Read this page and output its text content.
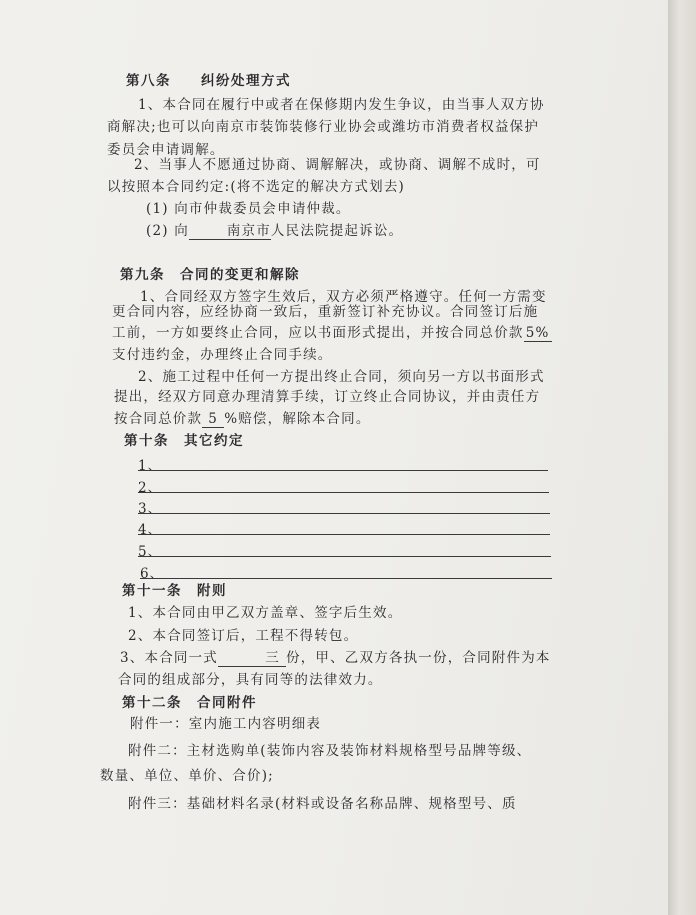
第八条　　纠纷处理方式
1、本合同在履行中或者在保修期内发生争议，由当事人双方协
商解决;也可以向南京市装饰装修行业协会或潍坊市消费者权益保护
委员会申请调解。
2、当事人不愿通过协商、调解解决，或协商、调解不成时，可
以按照本合同约定:(将不选定的解决方式划去)
(1) 向市仲裁委员会申请仲裁。
(2) 向	南京市人民法院提起诉讼。
第九条　合同的变更和解除
1、合同经双方签字生效后，双方必须严格遵守。任何一方需变
更合同内容，应经协商一致后，重新签订补充协议。合同签订后施
工前，一方如要终止合同，应以书面形式提出，并按合同总价款 5%
支付违约金，办理终止合同手续。
2、施工过程中任何一方提出终止合同，须向另一方以书面形式
提出，经双方同意办理清算手续，订立终止合同协议，并由责任方
按合同总价款 5 %赔偿，解除本合同。
第十条　其它约定
1、
2、
3、
4、
5、
6、
第十一条　附则
1、本合同由甲乙双方盖章、签字后生效。
2、本合同签订后，工程不得转包。
3、本合同一式	三 份，甲、乙双方各执一份，合同附件为本
合同的组成部分，具有同等的法律效力。
第十二条　合同附件
附件一：室内施工内容明细表
附件二：主材选购单(装饰内容及装饰材料规格型号品牌等级、
数量、单位、单价、合价);
附件三：基础材料名录(材料或设备名称品牌、规格型号、质
